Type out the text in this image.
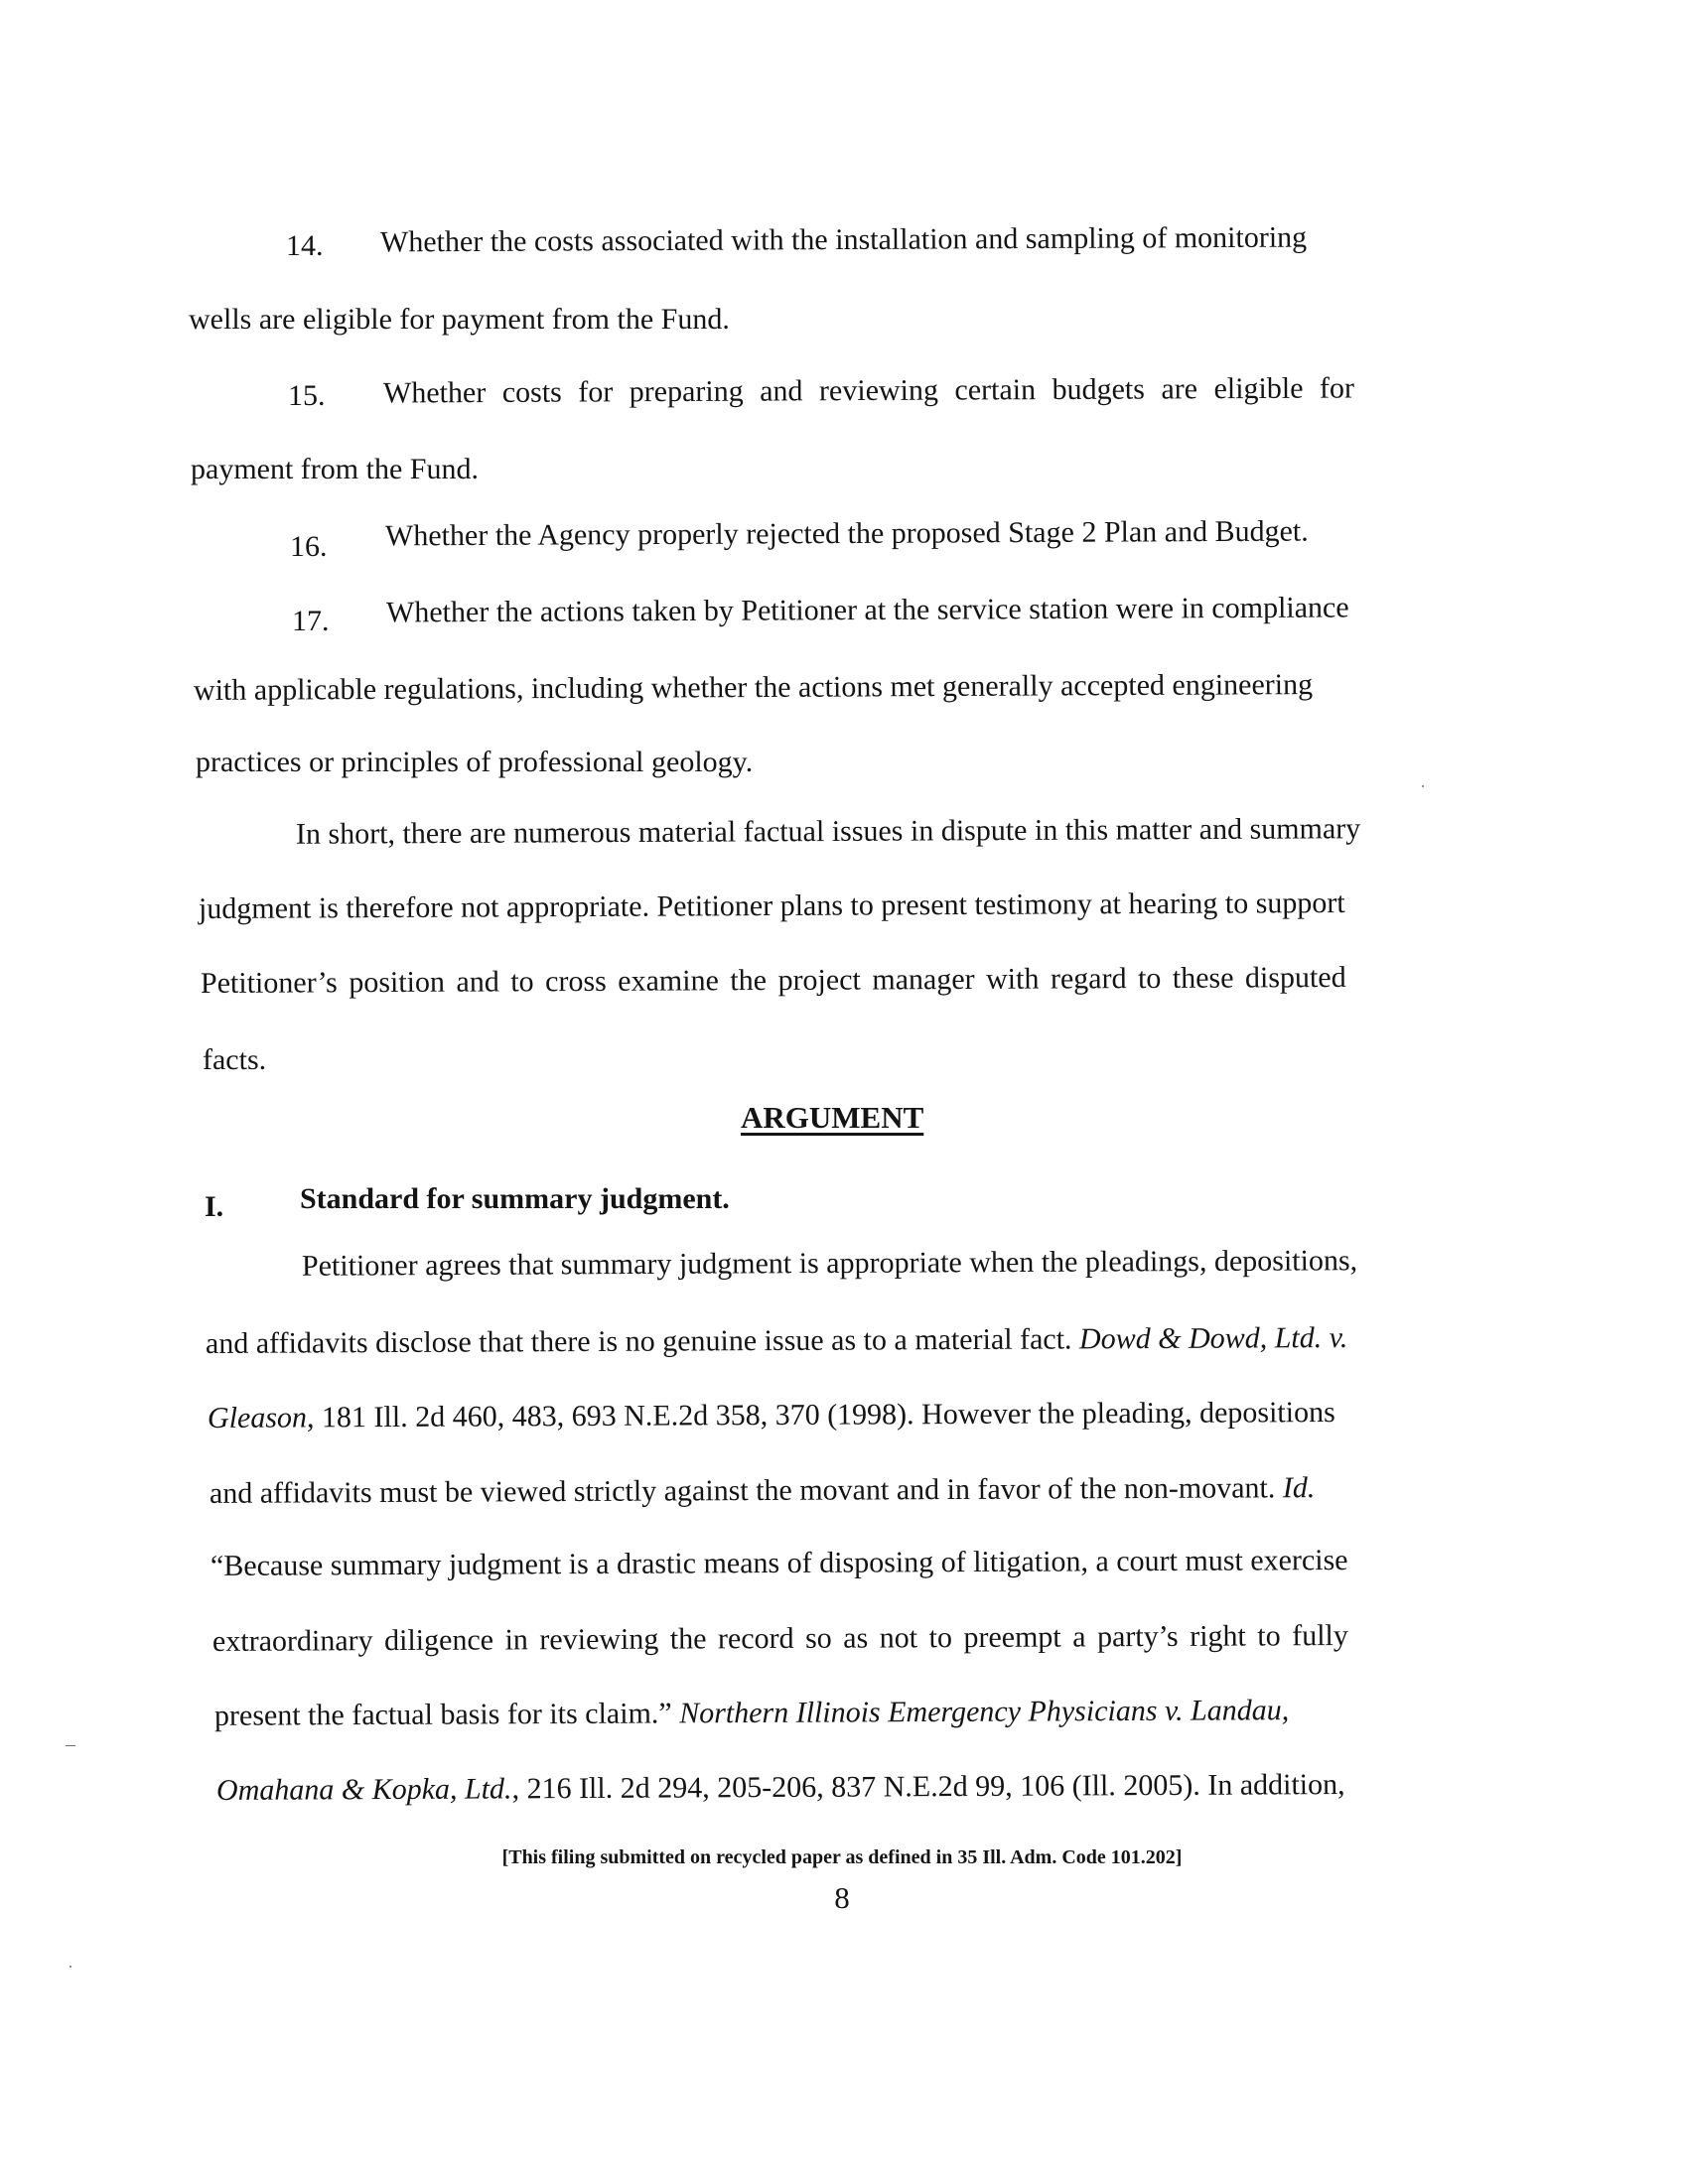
14. Whether the costs associated with the installation and sampling of monitoring
wells are eligible for payment from the Fund.
15. Whether costs for preparing and reviewing certain budgets are eligible for
payment from the Fund.
16. Whether the Agency properly rejected the proposed Stage 2 Plan and Budget.
17. Whether the actions taken by Petitioner at the service station were in compliance
with applicable regulations, including whether the actions met generally accepted engineering
practices or principles of professional geology.
In short, there are numerous material factual issues in dispute in this matter and summary
judgment is therefore not appropriate. Petitioner plans to present testimony at hearing to support
Petitioner’s position and to cross examine the project manager with regard to these disputed
facts.
ARGUMENT
I.	Standard for summary judgment.
Petitioner agrees that summary judgment is appropriate when the pleadings, depositions,
and affidavits disclose that there is no genuine issue as to a material fact. Dowd & Dowd, Ltd. v.
Gleason, 181 Ill. 2d 460, 483, 693 N.E.2d 358, 370 (1998). However the pleading, depositions
and affidavits must be viewed strictly against the movant and in favor of the non-movant. Id.
“Because summary judgment is a drastic means of disposing of litigation, a court must exercise
extraordinary diligence in reviewing the record so as not to preempt a party’s right to fully
present the factual basis for its claim.” Northern Illinois Emergency Physicians v. Landau,
Omahana & Kopka, Ltd., 216 Ill. 2d 294, 205-206, 837 N.E.2d 99, 106 (Ill. 2005). In addition,
[This filing submitted on recycled paper as defined in 35 Ill. Adm. Code 101.202]
8
